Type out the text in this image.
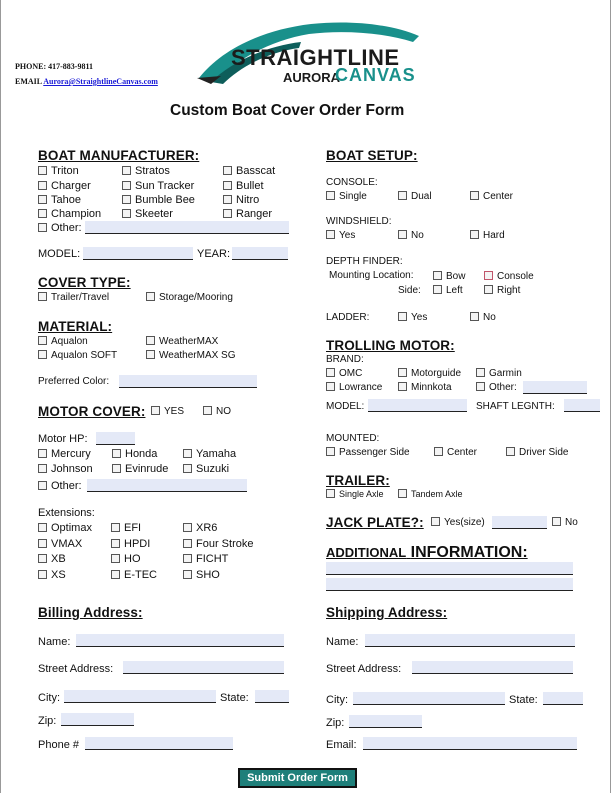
PHONE: 417-883-9811
EMAIL Aurora@StraightlineCanvas.com
STRAIGHTLINE
AURORA
CANVAS
Custom Boat Cover Order Form
BOAT MANUFACTURER:
Triton	Stratos	Basscat
Charger	Sun Tracker	Bullet
Tahoe	Bumble Bee	Nitro
Champion	Skeeter	Ranger
Other:
MODEL:	YEAR:
COVER TYPE:
Trailer/Travel	Storage/Mooring
MATERIAL:
Aqualon	WeatherMAX
Aqualon SOFT	WeatherMAX SG
Preferred Color:
MOTOR COVER:	YES	NO
Motor HP:
Mercury	Honda	Yamaha
Johnson	Evinrude	Suzuki
Other:
Extensions:
Optimax	EFI	XR6
VMAX	HPDI	Four Stroke
XB	HO	FICHT
XS	E-TEC	SHO
Billing Address:
Name:
Street Address:
City:	State:
Zip:
Phone #
BOAT SETUP:
CONSOLE:
Single	Dual	Center
WINDSHIELD:
Yes	No	Hard
DEPTH FINDER:
Mounting Location:	Bow	Console
Side:	Left	Right
LADDER:	Yes	No
TROLLING MOTOR:
BRAND:
OMC	Motorguide	Garmin
Lowrance	Minnkota	Other:
MODEL:	SHAFT LEGNTH:
MOUNTED:
Passenger Side	Center	Driver Side
TRAILER:
Single Axle	Tandem Axle
JACK PLATE?:	Yes(size)	No
ADDITIONAL INFORMATION:
Shipping Address:
Name:
Street Address:
City:	State:
Zip:
Email:
Submit Order Form
